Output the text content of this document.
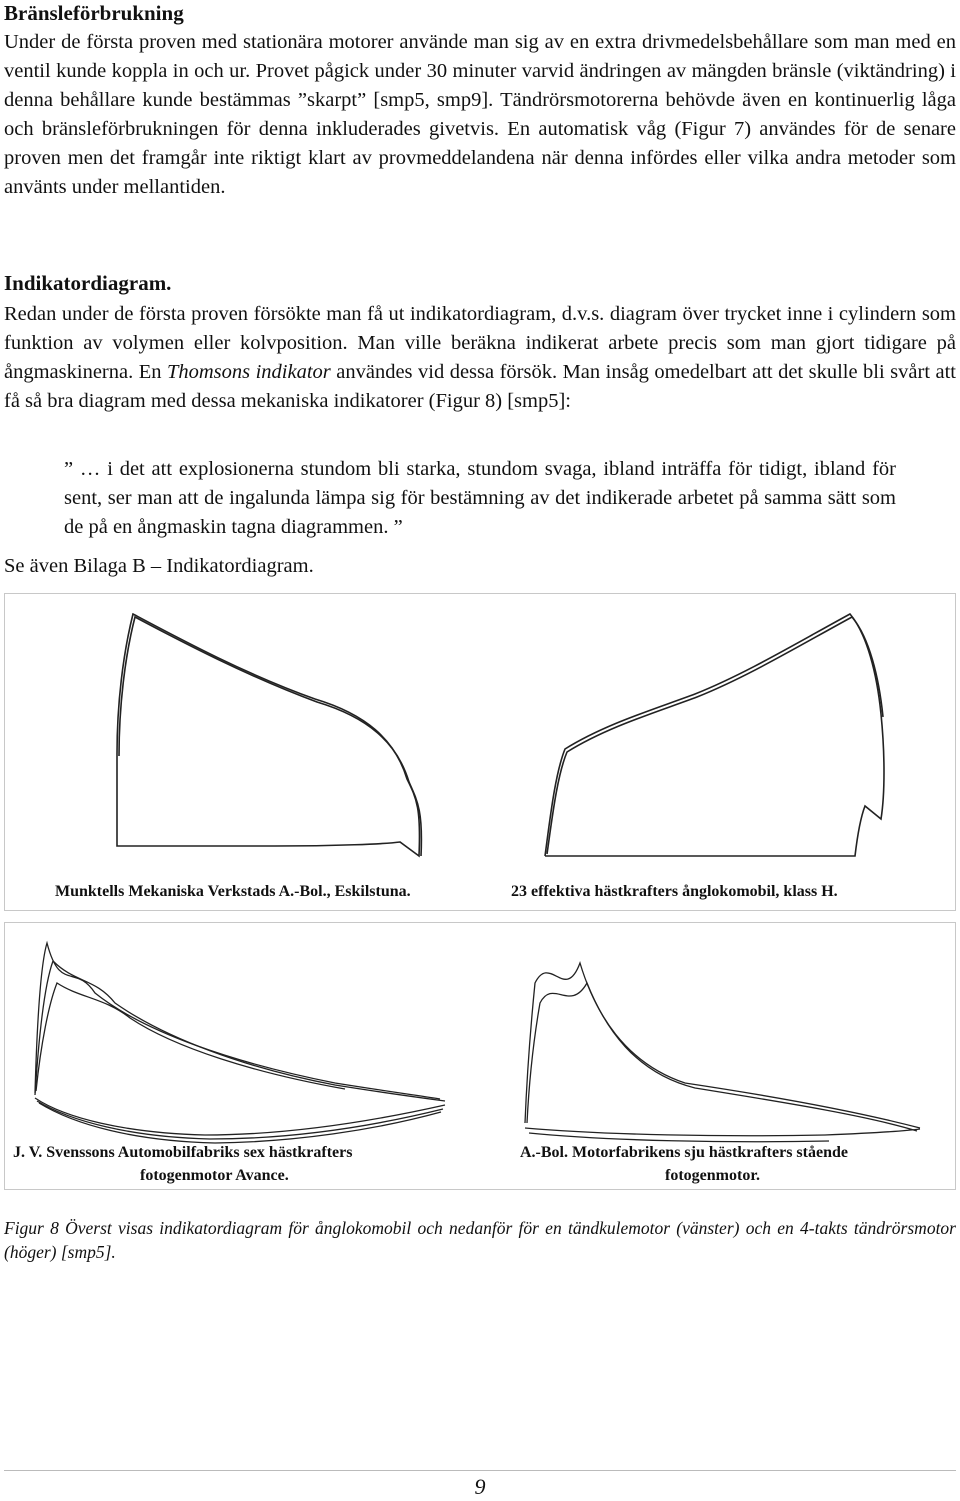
Bränsleförbrukning
Under de första proven med stationära motorer använde man sig av en extra drivmedelsbehållare som man med en ventil kunde koppla in och ur. Provet pågick under 30 minuter varvid ändringen av mängden bränsle (viktändring) i denna behållare kunde bestämmas ”skarpt” [smp5, smp9]. Tändrörsmotorerna behövde även en kontinuerlig låga och bränsleförbrukningen för denna inkluderades givetvis. En automatisk våg (Figur 7) användes för de senare proven men det framgår inte riktigt klart av provmeddelandena när denna infördes eller vilka andra metoder som använts under mellantiden.
Indikatordiagram.
Redan under de första proven försökte man få ut indikatordiagram, d.v.s. diagram över trycket inne i cylindern som funktion av volymen eller kolvposition. Man ville beräkna indikerat arbete precis som man gjort tidigare på ångmaskinerna. En Thomsons indikator användes vid dessa försök. Man insåg omedelbart att det skulle bli svårt att få så bra diagram med dessa mekaniska indikatorer (Figur 8) [smp5]:
” … i det att explosionerna stundom bli starka, stundom svaga, ibland inträffa för tidigt, ibland för sent, ser man att de ingalunda lämpa sig för bestämning av det indikerade arbetet på samma sätt som de på en ångmaskin tagna diagrammen. ”
Se även Bilaga B – Indikatordiagram.
Munktells Mekaniska Verkstads A.-Bol., Eskilstuna.	23 effektiva hästkrafters ånglokomobil, klass H.
J. V. Svenssons Automobilfabriks sex hästkrafters
fotogenmotor Avance.
A.-Bol. Motorfabrikens sju hästkrafters stående
fotogenmotor.
Figur 8 Överst visas indikatordiagram för ånglokomobil och nedanför för en tändkulemotor (vänster) och en 4-takts tändrörsmotor (höger) [smp5].
9
